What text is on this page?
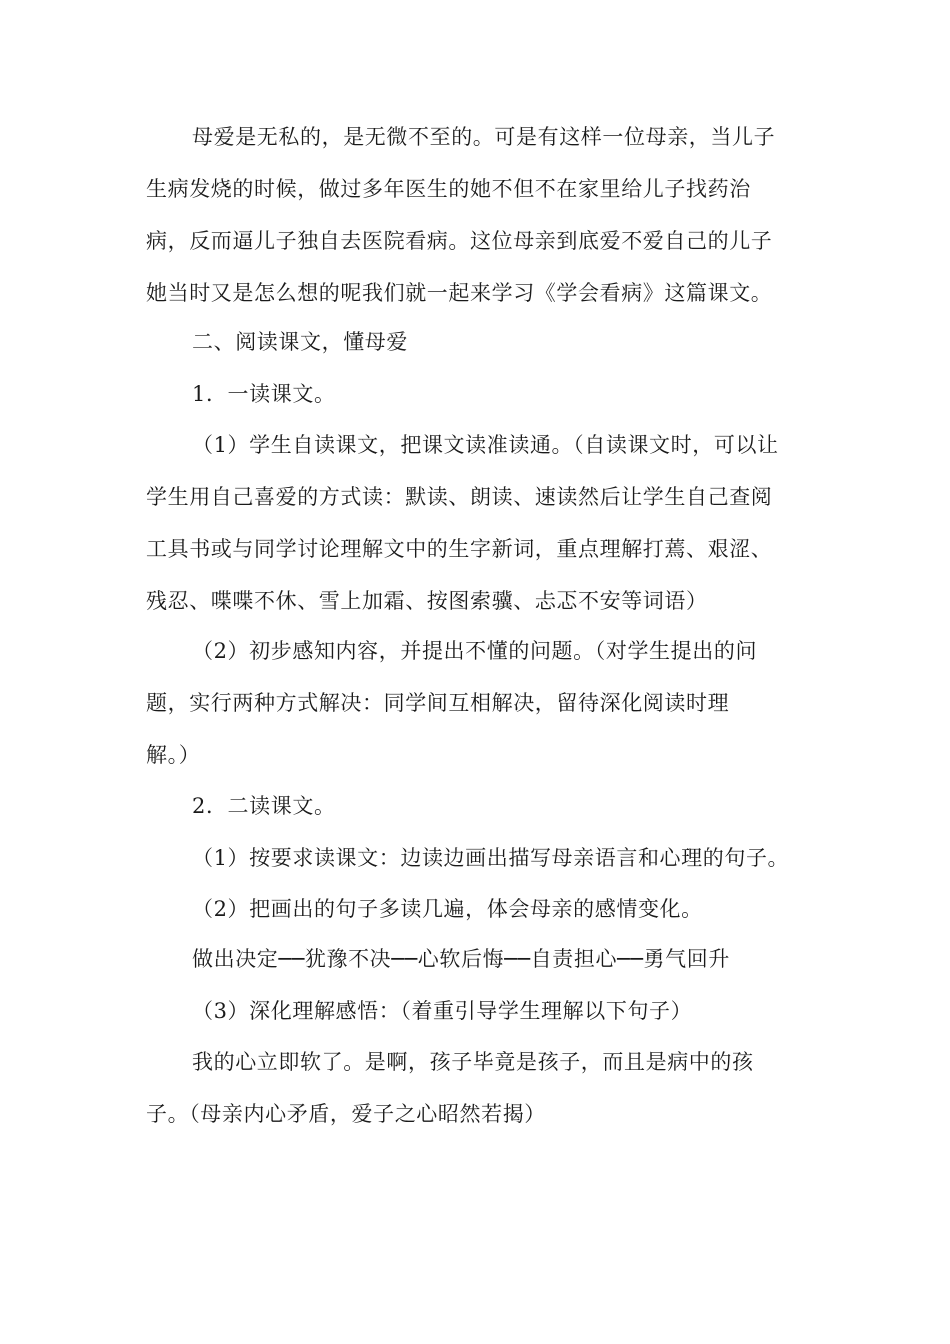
母爱是无私的，是无微不至的。可是有这样一位母亲，当儿子
生病发烧的时候，做过多年医生的她不但不在家里给儿子找药治
病，反而逼儿子独自去医院看病。这位母亲到底爱不爱自己的儿子
她当时又是怎么想的呢我们就一起来学习《学会看病》这篇课文。
二、阅读课文，懂母爱
1．一读课文。
（1）学生自读课文，把课文读准读通。（自读课文时，可以让
学生用自己喜爱的方式读：默读、朗读、速读然后让学生自己查阅
工具书或与同学讨论理解文中的生字新词，重点理解打蔫、艰涩、
残忍、喋喋不休、雪上加霜、按图索骥、忐忑不安等词语）
（2）初步感知内容，并提出不懂的问题。（对学生提出的问
题，实行两种方式解决：同学间互相解决，留待深化阅读时理
解。）
2．二读课文。
（1）按要求读课文：边读边画出描写母亲语言和心理的句子。
（2）把画出的句子多读几遍，体会母亲的感情变化。
做出决定──犹豫不决──心软后悔──自责担心──勇气回升
（3）深化理解感悟：（着重引导学生理解以下句子）
我的心立即软了。是啊，孩子毕竟是孩子，而且是病中的孩
子。（母亲内心矛盾，爱子之心昭然若揭）
